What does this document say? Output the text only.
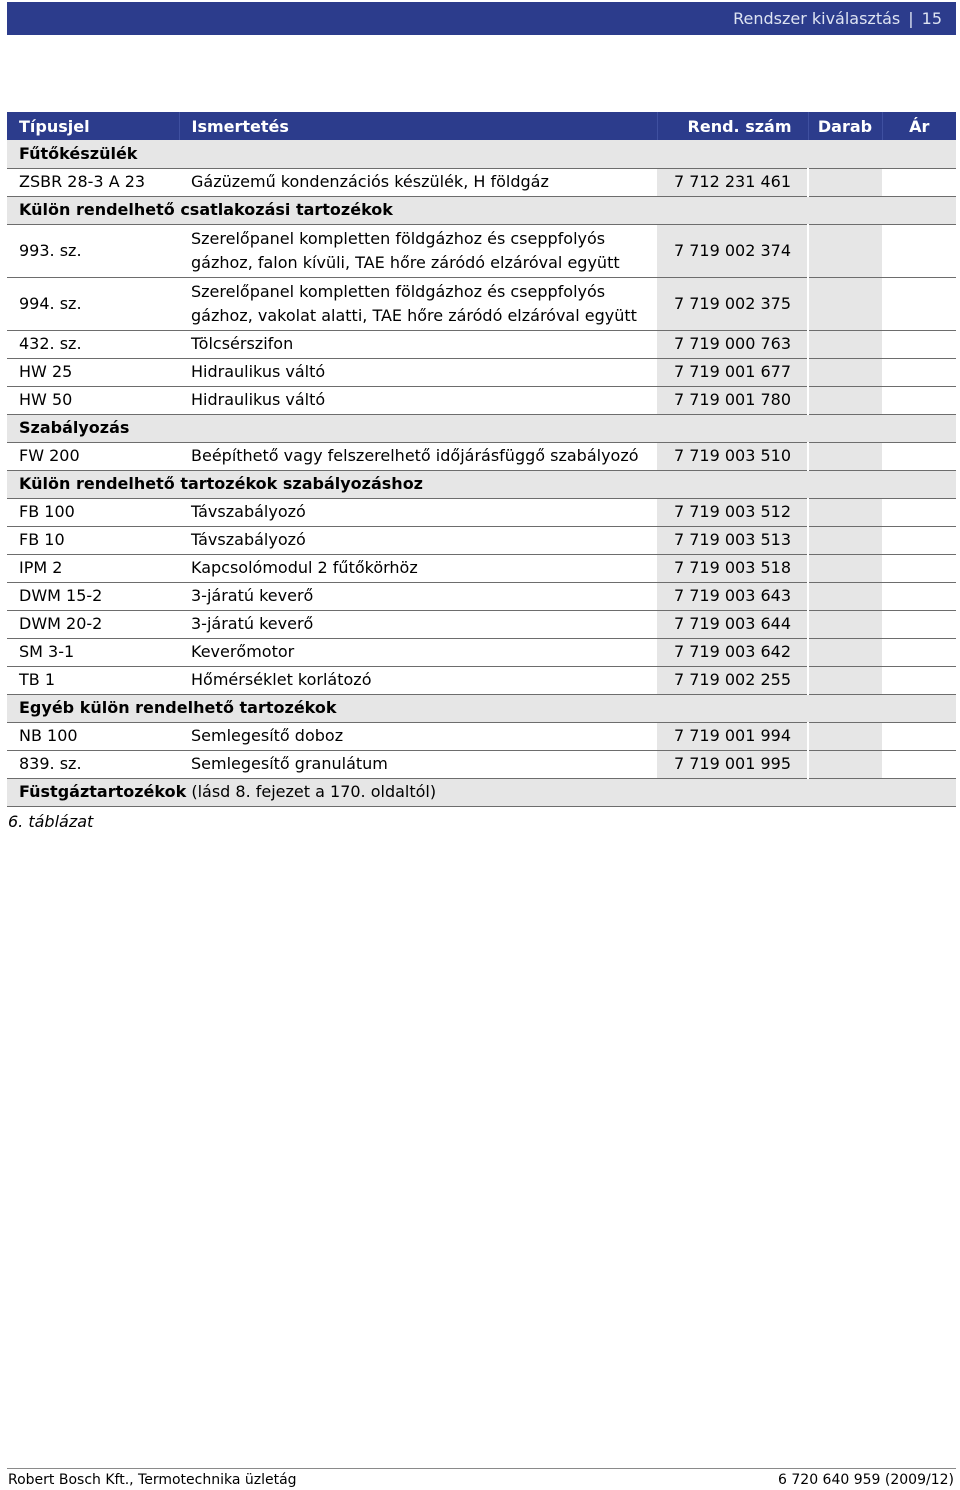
Rendszer kiválasztás | 15
Típusjel	Ismertetés	Rend. szám	Darab	Ár
Fűtőkészülék				
ZSBR 28-3 A 23	Gázüzemű kondenzációs készülék, H földgáz	7 712 231 461		
Külön rendelhető csatlakozási tartozékok				
993. sz.	Szerelőpanel kompletten földgázhoz és cseppfolyós gázhoz, falon kívüli, TAE hőre záródó elzáróval együtt	7 719 002 374		
994. sz.	Szerelőpanel kompletten földgázhoz és cseppfolyós gázhoz, vakolat alatti, TAE hőre záródó elzáróval együtt	7 719 002 375		
432. sz.	Tölcsérszifon	7 719 000 763		
HW 25	Hidraulikus váltó	7 719 001 677		
HW 50	Hidraulikus váltó	7 719 001 780		
Szabályozás				
FW 200	Beépíthető vagy felszerelhető időjárásfüggő szabályozó	7 719 003 510		
Külön rendelhető tartozékok szabályozáshoz				
FB 100	Távszabályozó	7 719 003 512		
FB 10	Távszabályozó	7 719 003 513		
IPM 2	Kapcsolómodul 2 fűtőkörhöz	7 719 003 518		
DWM 15-2	3-járatú keverő	7 719 003 643		
DWM 20-2	3-járatú keverő	7 719 003 644		
SM 3-1	Keverőmotor	7 719 003 642		
TB 1	Hőmérséklet korlátozó	7 719 002 255		
Egyéb külön rendelhető tartozékok				
NB 100	Semlegesítő doboz	7 719 001 994		
839. sz.	Semlegesítő granulátum	7 719 001 995		
Füstgáztartozékok (lásd 8. fejezet a 170. oldaltól)				
6. táblázat
Robert Bosch Kft., Termotechnika üzletág	6 720 640 959 (2009/12)
